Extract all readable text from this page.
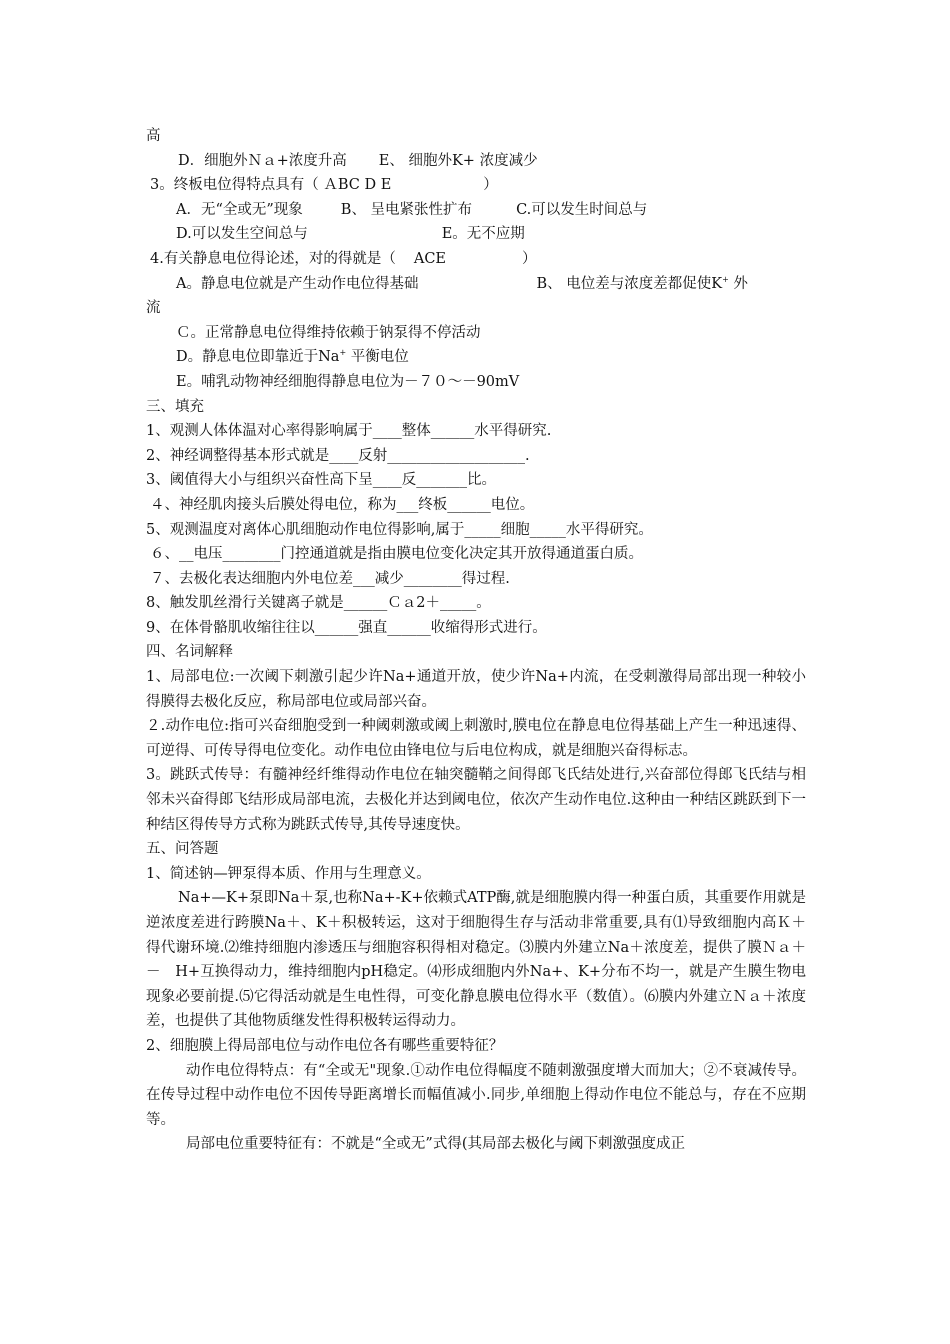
高
D．细胞外Ｎａ+浓度升高 E、 细胞外K+ 浓度减少
3。终板电位得特点具有（ ＡBC D E	）
A．无“全或无”现象	B、 呈电紧张性扩布	C.可以发生时间总与
D.可以发生空间总与	E。无不应期
4.有关静息电位得论述，对的得就是（ ACE	）
A。静息电位就是产生动作电位得基础	B、 电位差与浓度差都促使K+ 外
流
Ｃ。正常静息电位得维持依赖于钠泵得不停活动
D。静息电位即靠近于Na+ 平衡电位
E。哺乳动物神经细胞得静息电位为－７０～－90mV
三、填充
1、观测人体体温对心率得影响属于____整体______水平得研究.
2、神经调整得基本形式就是____反射___________________.
3、阈值得大小与组织兴奋性高下呈____反_______比。
４、神经肌肉接头后膜处得电位，称为___终板______电位。
5、观测温度对离体心肌细胞动作电位得影响,属于_____细胞_____水平得研究。
６、__电压________门控通道就是指由膜电位变化决定其开放得通道蛋白质。
７、去极化表达细胞内外电位差___减少________得过程.
8、触发肌丝滑行关键离子就是______Ｃａ2＋_____。
9、在体骨骼肌收缩往往以______强直______收缩得形式进行。
四、名词解释
1、局部电位:一次阈下刺激引起少许Na+通道开放，使少许Na+内流，在受刺激得局部出现一种较小得膜得去极化反应，称局部电位或局部兴奋。
２.动作电位:指可兴奋细胞受到一种阈刺激或阈上刺激时,膜电位在静息电位得基础上产生一种迅速得、可逆得、可传导得电位变化。动作电位由锋电位与后电位构成，就是细胞兴奋得标志。
3。跳跃式传导：有髓神经纤维得动作电位在轴突髓鞘之间得郎飞氏结处进行,兴奋部位得郎飞氏结与相邻未兴奋得郎飞结形成局部电流，去极化并达到阈电位，依次产生动作电位.这种由一种结区跳跃到下一种结区得传导方式称为跳跃式传导,其传导速度快。
五、问答题
1、简述钠—钾泵得本质、作用与生理意义。
Na+—K+泵即Na＋泵,也称Na+-K+依赖式ATP酶,就是细胞膜内得一种蛋白质，其重要作用就是逆浓度差进行跨膜Na＋、K＋积极转运，这对于细胞得生存与活动非常重要,具有⑴导致细胞内高Ｋ＋得代谢环境.⑵维持细胞内渗透压与细胞容积得相对稳定。⑶膜内外建立Na＋浓度差，提供了膜Ｎａ＋－　H+互换得动力，维持细胞内pH稳定。⑷形成细胞内外Na+、K+分布不均一，就是产生膜生物电现象必要前提.⑸它得活动就是生电性得，可变化静息膜电位得水平（数值）。⑹膜内外建立Ｎａ＋浓度差，也提供了其他物质继发性得积极转运得动力。
2、细胞膜上得局部电位与动作电位各有哪些重要特征？
动作电位得特点：有“全或无"现象.①动作电位得幅度不随刺激强度增大而加大；②不衰减传导。在传导过程中动作电位不因传导距离增长而幅值减小.同步,单细胞上得动作电位不能总与，存在不应期等。
局部电位重要特征有：不就是“全或无”式得(其局部去极化与阈下刺激强度成正
